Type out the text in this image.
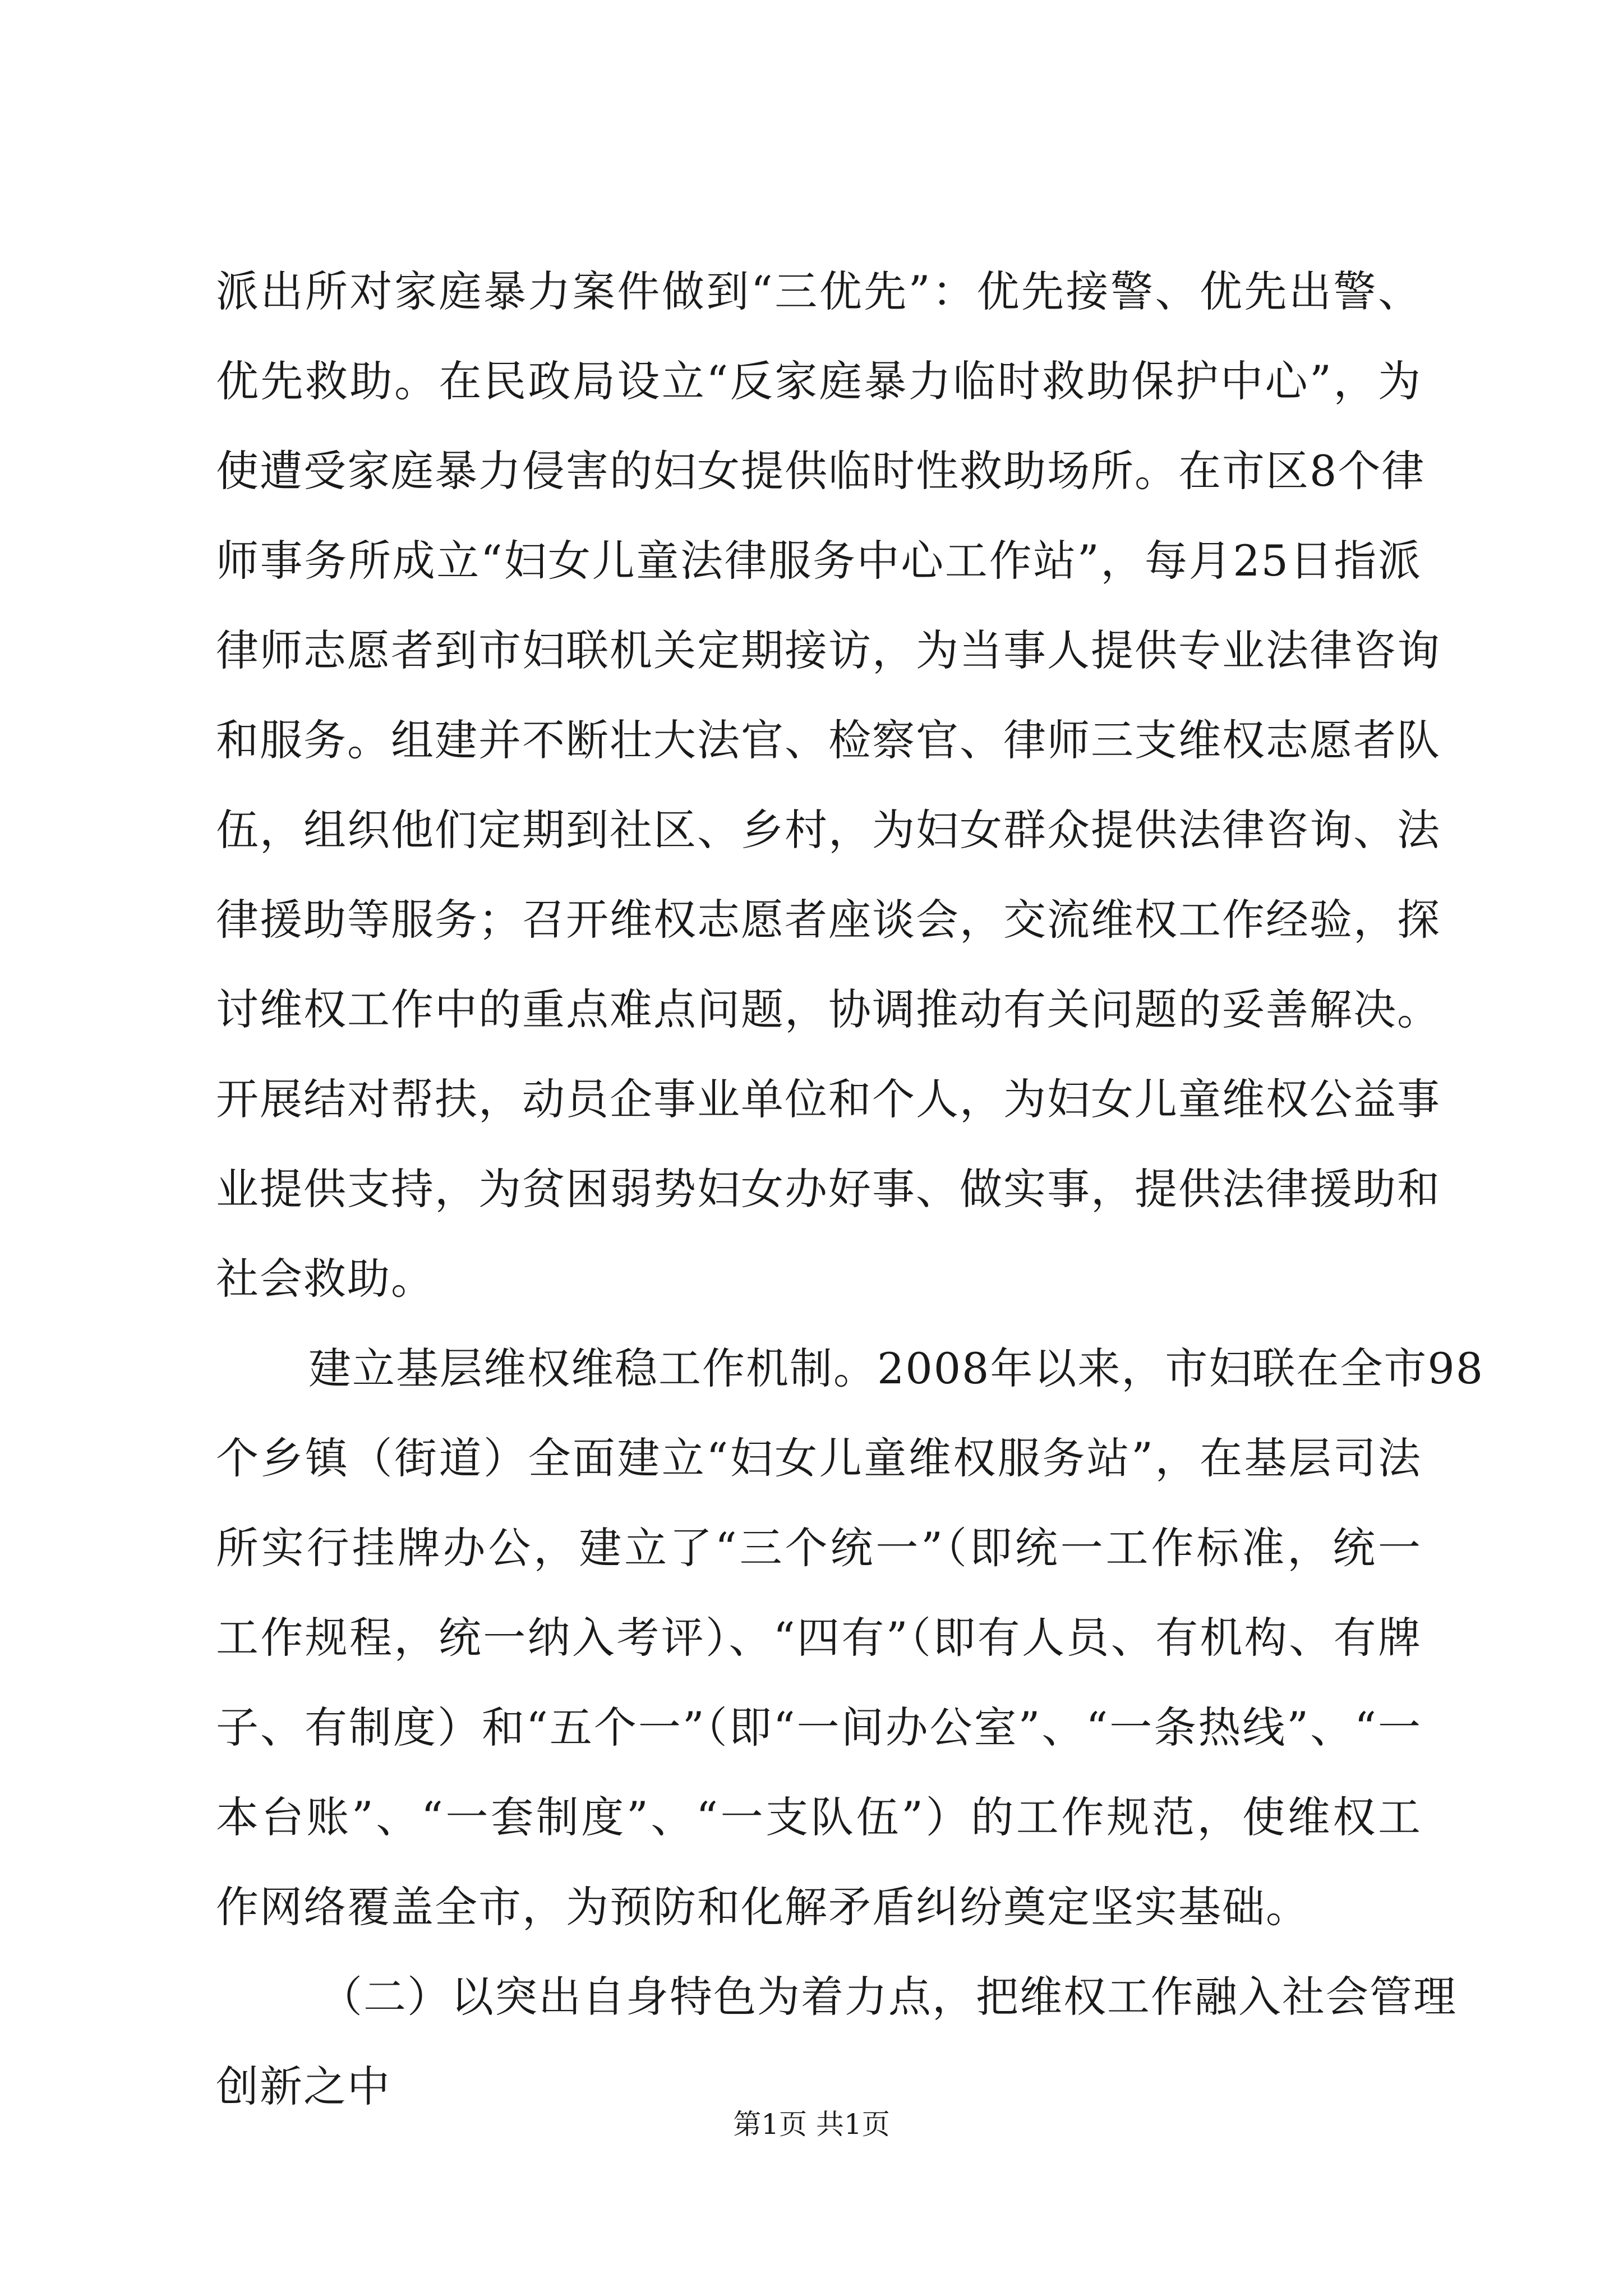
派出所对家庭暴力案件做到“三优先”：优先接警、优先出警、
优先救助。在民政局设立“反家庭暴力临时救助保护中心”，为
使遭受家庭暴力侵害的妇女提供临时性救助场所。在市区8个律
师事务所成立“妇女儿童法律服务中心工作站”，每月25日指派
律师志愿者到市妇联机关定期接访，为当事人提供专业法律咨询
和服务。组建并不断壮大法官、检察官、律师三支维权志愿者队
伍，组织他们定期到社区、乡村，为妇女群众提供法律咨询、法
律援助等服务；召开维权志愿者座谈会，交流维权工作经验，探
讨维权工作中的重点难点问题，协调推动有关问题的妥善解决。
开展结对帮扶，动员企事业单位和个人，为妇女儿童维权公益事
业提供支持，为贫困弱势妇女办好事、做实事，提供法律援助和
社会救助。
建立基层维权维稳工作机制。2008年以来，市妇联在全市98
个乡镇（街道）全面建立“妇女儿童维权服务站”，在基层司法
所实行挂牌办公，建立了“三个统一”（即统一工作标准，统一
工作规程，统一纳入考评）、“四有”（即有人员、有机构、有牌
子、有制度）和“五个一”（即“一间办公室”、“一条热线”、“一
本台账”、“一套制度”、“一支队伍”）的工作规范，使维权工
作网络覆盖全市，为预防和化解矛盾纠纷奠定坚实基础。
（二）以突出自身特色为着力点，把维权工作融入社会管理
创新之中
第1页 共1页
